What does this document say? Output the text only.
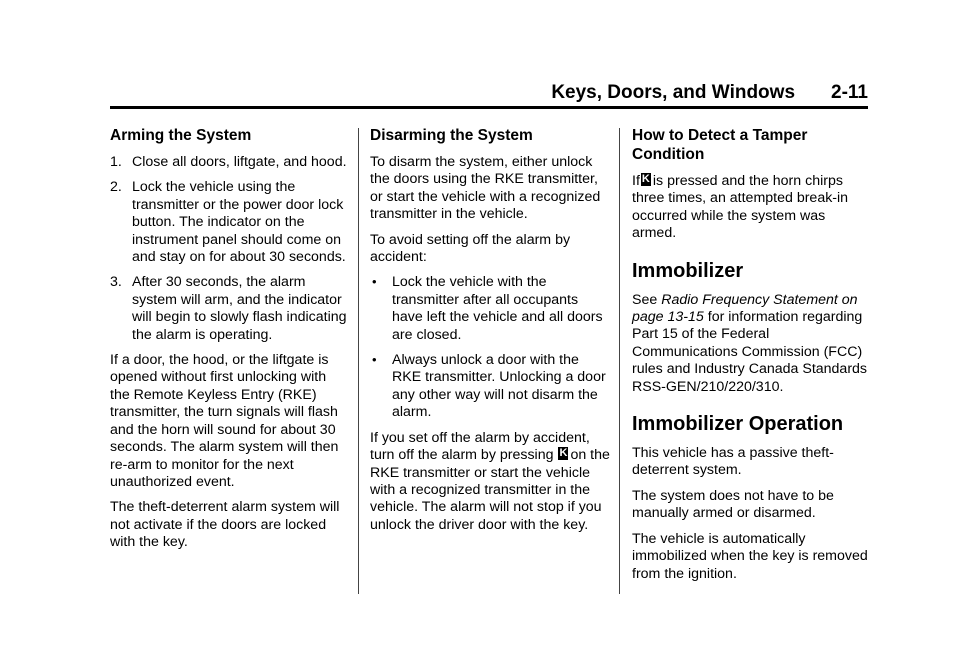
Keys, Doors, and Windows 2-11
Arming the System
1. Close all doors, liftgate, and hood.
2. Lock the vehicle using the transmitter or the power door lock button. The indicator on the instrument panel should come on and stay on for about 30 seconds.
3. After 30 seconds, the alarm system will arm, and the indicator will begin to slowly flash indicating the alarm is operating.

If a door, the hood, or the liftgate is opened without first unlocking with the Remote Keyless Entry (RKE) transmitter, the turn signals will flash and the horn will sound for about 30 seconds. The alarm system will then re-arm to monitor for the next unauthorized event.

The theft-deterrent alarm system will not activate if the doors are locked with the key.

Disarming the System

To disarm the system, either unlock the doors using the RKE transmitter, or start the vehicle with a recognized transmitter in the vehicle.

To avoid setting off the alarm by accident:

• Lock the vehicle with the transmitter after all occupants have left the vehicle and all doors are closed.
• Always unlock a door with the RKE transmitter. Unlocking a door any other way will not disarm the alarm.

If you set off the alarm by accident, turn off the alarm by pressing K on the RKE transmitter or start the vehicle with a recognized transmitter in the vehicle. The alarm will not stop if you unlock the driver door with the key.

How to Detect a Tamper Condition

If K is pressed and the horn chirps three times, an attempted break-in occurred while the system was armed.

Immobilizer

See Radio Frequency Statement on page 13-15 for information regarding Part 15 of the Federal Communications Commission (FCC) rules and Industry Canada Standards RSS-GEN/210/220/310.

Immobilizer Operation

This vehicle has a passive theft-deterrent system.

The system does not have to be manually armed or disarmed.

The vehicle is automatically immobilized when the key is removed from the ignition.
